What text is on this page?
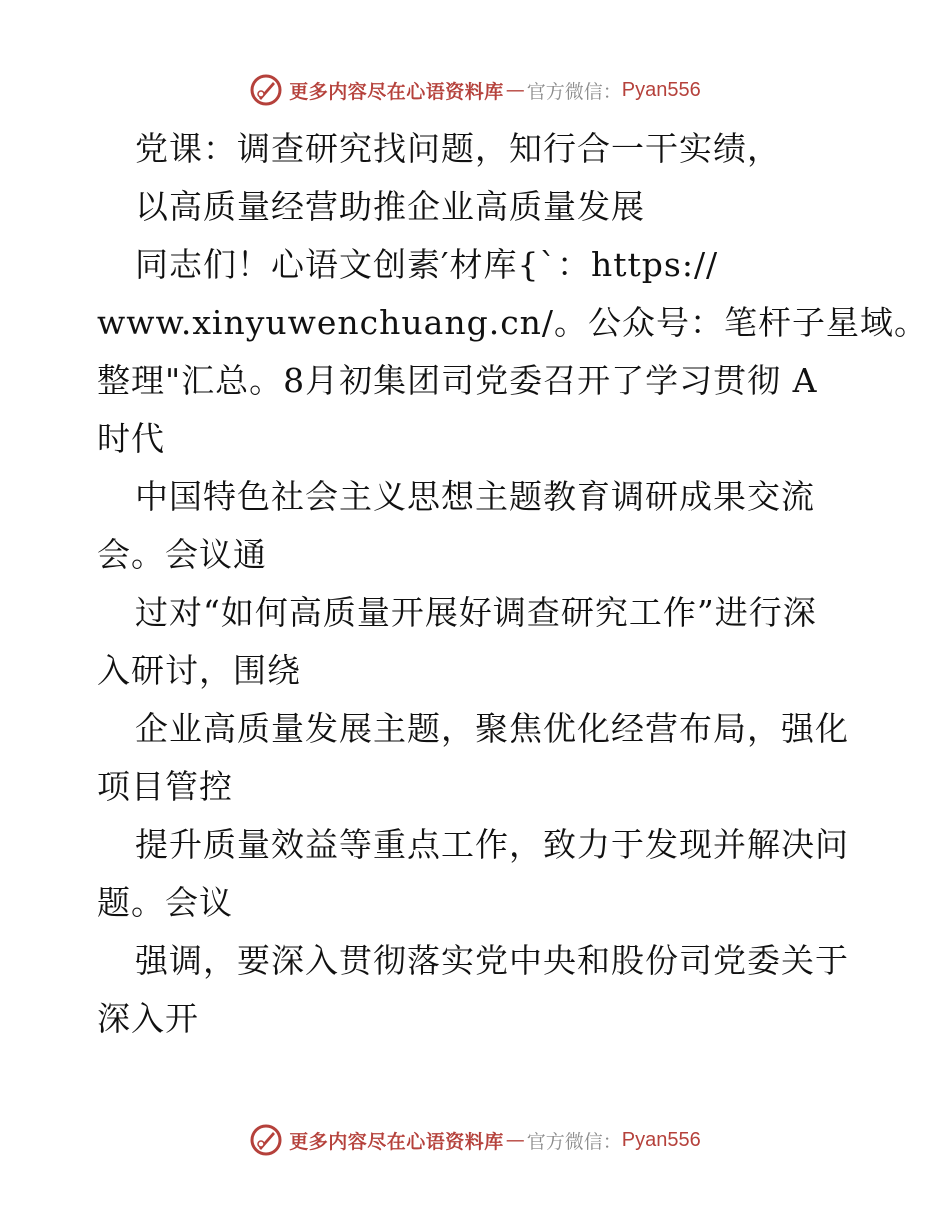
更多内容尽在心语资料库 — 官方微信： Pyan556
党课：调查研究找问题，知行合一干实绩，
以高质量经营助推企业高质量发展
同志们！心语文创素′材库{`：https://
www.xinyuwenchuang.cn/。公众号：笔杆子星域。
整理"汇总。8月初集团司党委召开了学习贯彻 A
时代
中国特色社会主义思想主题教育调研成果交流
会。会议通
过对“如何高质量开展好调查研究工作”进行深
入研讨，围绕
企业高质量发展主题，聚焦优化经营布局，强化
项目管控
提升质量效益等重点工作，致力于发现并解决问
题。会议
强调，要深入贯彻落实党中央和股份司党委关于
深入开
更多内容尽在心语资料库 — 官方微信： Pyan556
